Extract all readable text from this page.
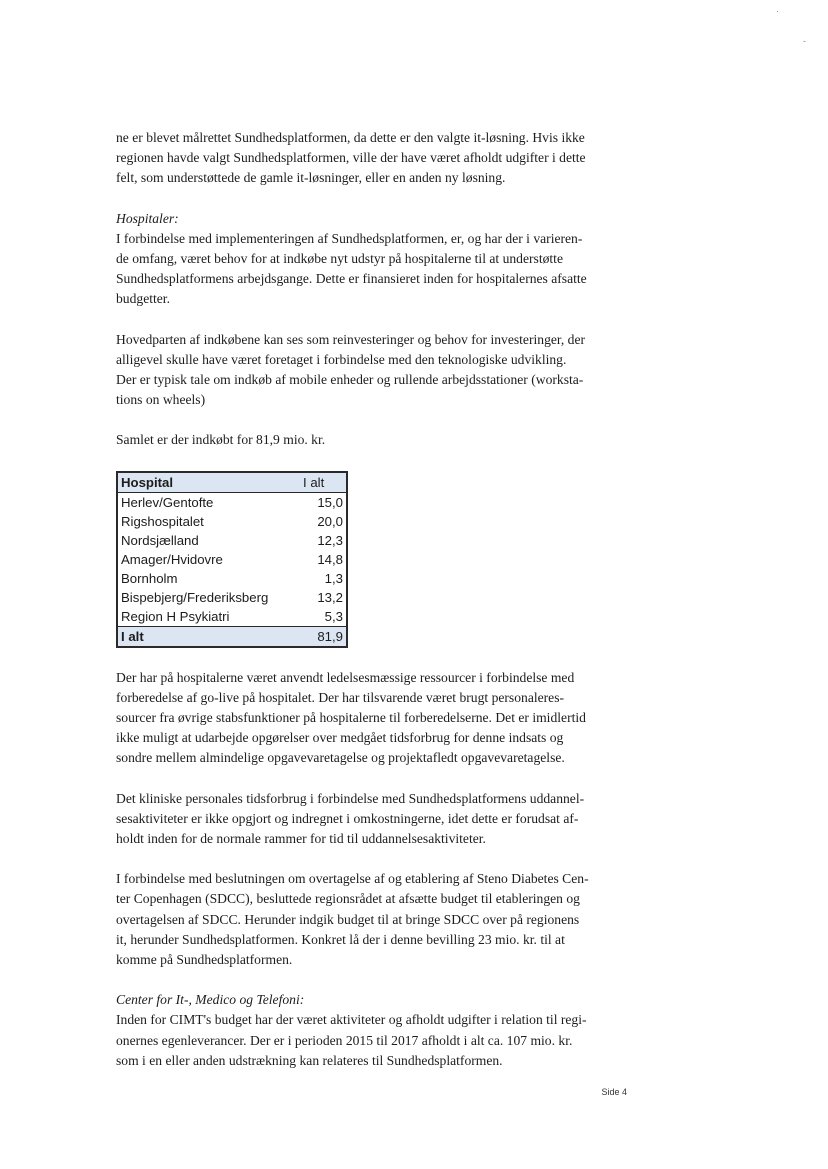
·
-

ne er blevet målrettet Sundhedsplatformen, da dette er den valgte it-løsning. Hvis ikke
regionen havde valgt Sundhedsplatformen, ville der have været afholdt udgifter i dette
felt, som understøttede de gamle it-løsninger, eller en anden ny løsning.

Hospitaler:
I forbindelse med implementeringen af Sundhedsplatformen, er, og har der i varieren-
de omfang, været behov for at indkøbe nyt udstyr på hospitalerne til at understøtte
Sundhedsplatformens arbejdsgange. Dette er finansieret inden for hospitalernes afsatte
budgetter.

Hovedparten af indkøbene kan ses som reinvesteringer og behov for investeringer, der
alligevel skulle have været foretaget i forbindelse med den teknologiske udvikling.
Der er typisk tale om indkøb af mobile enheder og rullende arbejdsstationer (worksta-
tions on wheels)

Samlet er der indkøbt for 81,9 mio. kr.

Hospital	I alt
Herlev/Gentofte	15,0
Rigshospitalet	20,0
Nordsjælland	12,3
Amager/Hvidovre	14,8
Bornholm	1,3
Bispebjerg/Frederiksberg	13,2
Region H Psykiatri	5,3
I alt	81,9

Der har på hospitalerne været anvendt ledelsesmæssige ressourcer i forbindelse med
forberedelse af go-live på hospitalet. Der har tilsvarende været brugt personaleres-
sourcer fra øvrige stabsfunktioner på hospitalerne til forberedelserne. Det er imidlertid
ikke muligt at udarbejde opgørelser over medgået tidsforbrug for denne indsats og
sondre mellem almindelige opgavevaretagelse og projektafledt opgavevaretagelse.

Det kliniske personales tidsforbrug i forbindelse med Sundhedsplatformens uddannel-
sesaktiviteter er ikke opgjort og indregnet i omkostningerne, idet dette er forudsat af-
holdt inden for de normale rammer for tid til uddannelsesaktiviteter.

I forbindelse med beslutningen om overtagelse af og etablering af Steno Diabetes Cen-
ter Copenhagen (SDCC), besluttede regionsrådet at afsætte budget til etableringen og
overtagelsen af SDCC. Herunder indgik budget til at bringe SDCC over på regionens
it, herunder Sundhedsplatformen. Konkret lå der i denne bevilling 23 mio. kr. til at
komme på Sundhedsplatformen.

Center for It-, Medico og Telefoni:
Inden for CIMT's budget har der været aktiviteter og afholdt udgifter i relation til regi-
onernes egenleverancer. Der er i perioden 2015 til 2017 afholdt i alt ca. 107 mio. kr.
som i en eller anden udstrækning kan relateres til Sundhedsplatformen.

Side 4
